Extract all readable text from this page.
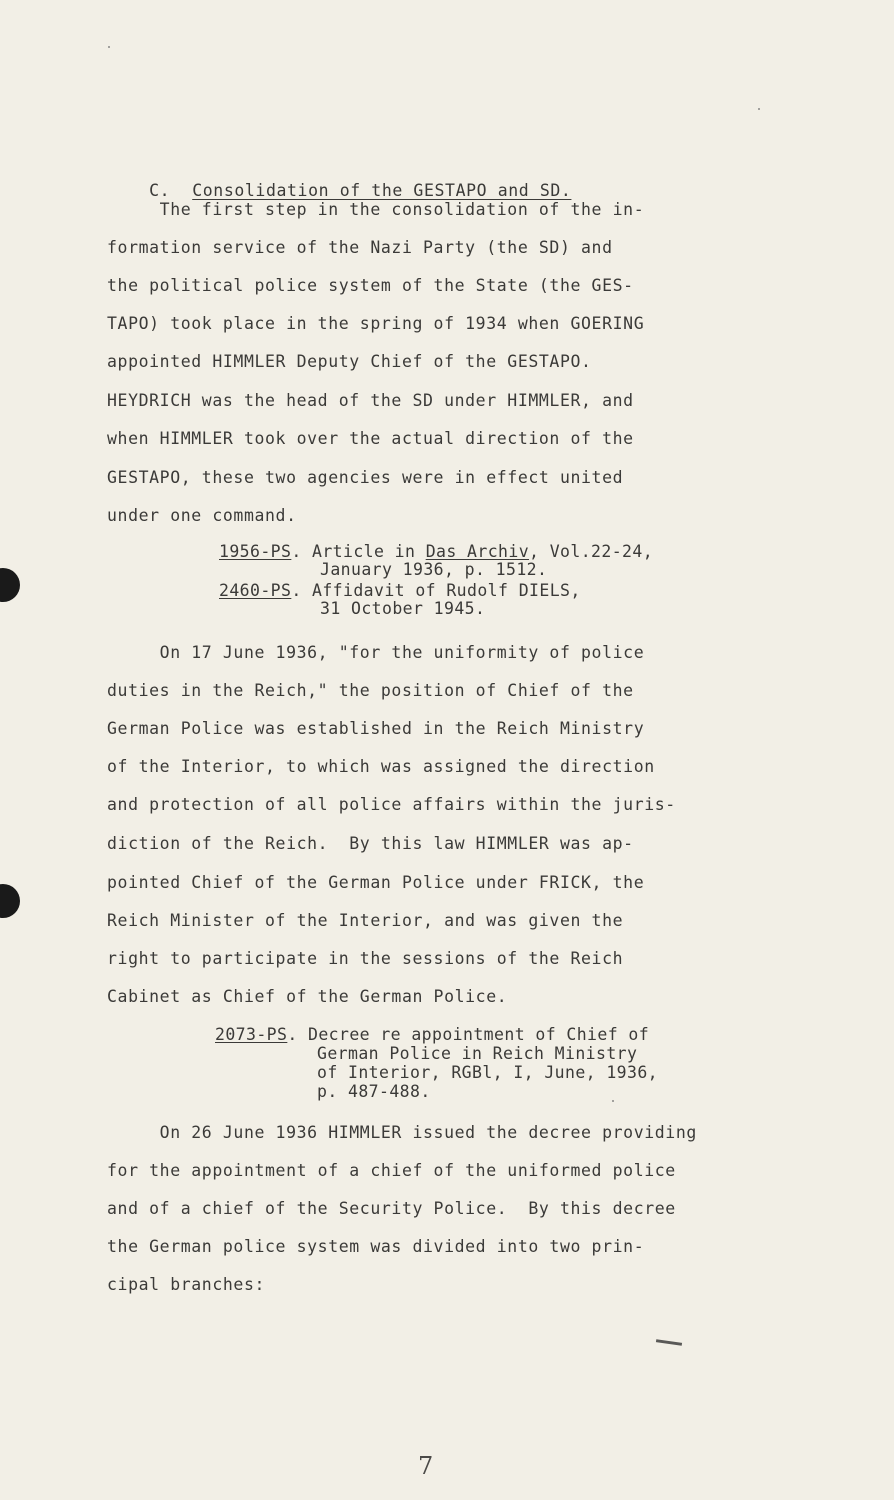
C. Consolidation of the GESTAPO and SD.

The first step in the consolidation of the in-
formation service of the Nazi Party (the SD) and
the political police system of the State (the GES-
TAPO) took place in the spring of 1934 when GOERING
appointed HIMMLER Deputy Chief of the GESTAPO.
HEYDRICH was the head of the SD under HIMMLER, and
when HIMMLER took over the actual direction of the
GESTAPO, these two agencies were in effect united
under one command.
1956-PS. Article in Das Archiv, Vol.22-24,
January 1936, p. 1512.
2460-PS. Affidavit of Rudolf DIELS,
31 October 1945.
On 17 June 1936, "for the uniformity of police
duties in the Reich," the position of Chief of the
German Police was established in the Reich Ministry
of the Interior, to which was assigned the direction
and protection of all police affairs within the juris-
diction of the Reich.  By this law HIMMLER was ap-
pointed Chief of the German Police under FRICK, the
Reich Minister of the Interior, and was given the
right to participate in the sessions of the Reich
Cabinet as Chief of the German Police.
2073-PS. Decree re appointment of Chief of
German Police in Reich Ministry
of Interior, RGBl, I, June, 1936,
p. 487-488.
On 26 June 1936 HIMMLER issued the decree providing
for the appointment of a chief of the uniformed police
and of a chief of the Security Police.  By this decree
the German police system was divided into two prin-
cipal branches:
7
